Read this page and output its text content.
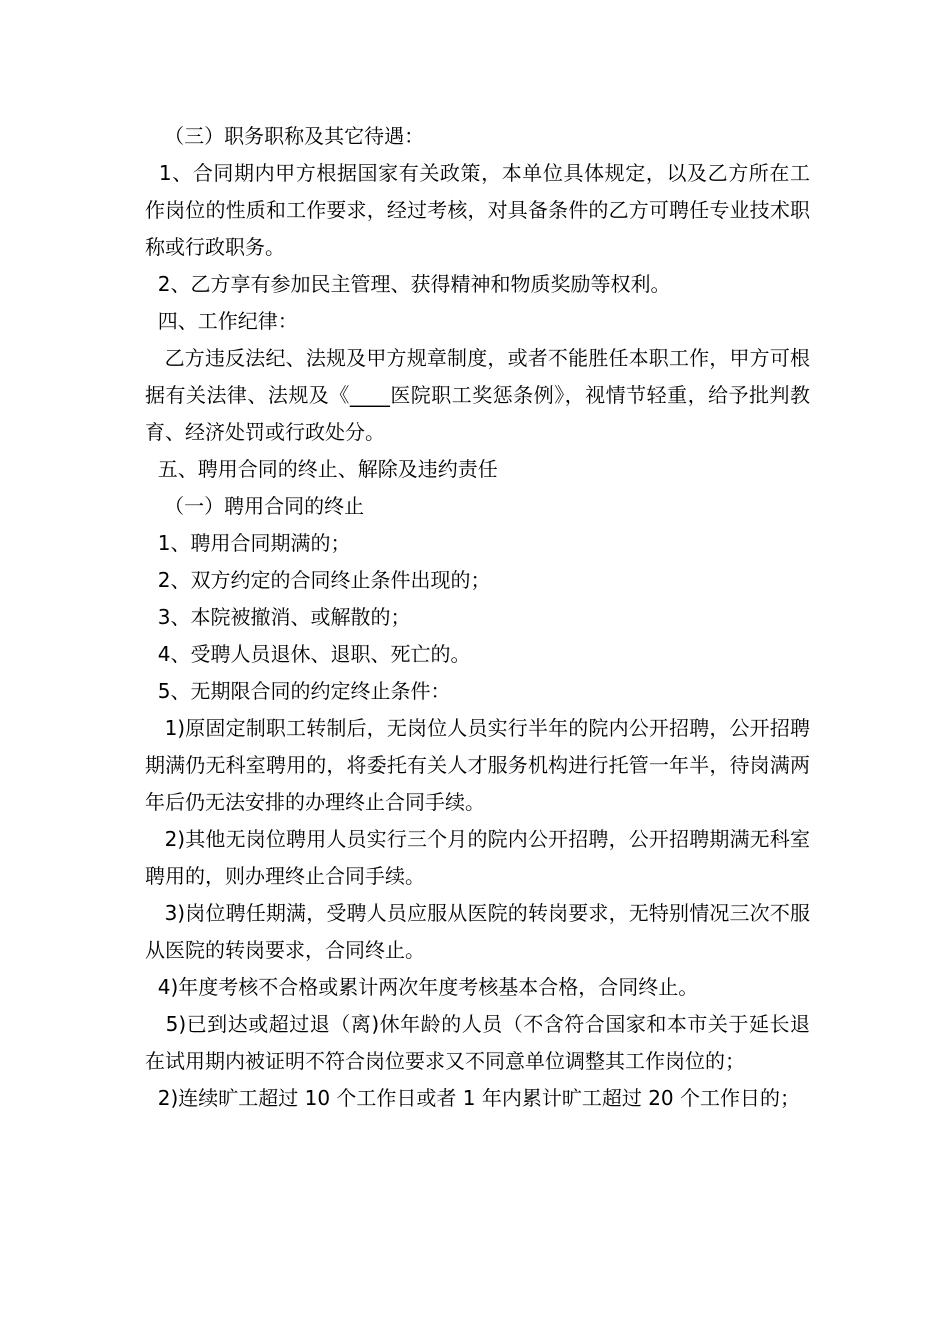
（三）职务职称及其它待遇：

1、合同期内甲方根据国家有关政策，本单位具体规定，以及乙方所在工作岗位的性质和工作要求，经过考核，对具备条件的乙方可聘任专业技术职称或行政职务。

2、乙方享有参加民主管理、获得精神和物质奖励等权利。

四、工作纪律：

乙方违反法纪、法规及甲方规章制度，或者不能胜任本职工作，甲方可根据有关法律、法规及《____医院职工奖惩条例》，视情节轻重，给予批判教育、经济处罚或行政处分。

五、聘用合同的终止、解除及违约责任

（一）聘用合同的终止

1、聘用合同期满的；

2、双方约定的合同终止条件出现的；

3、本院被撤消、或解散的；

4、受聘人员退休、退职、死亡的。

5、无期限合同的约定终止条件：

1)原固定制职工转制后，无岗位人员实行半年的院内公开招聘，公开招聘期满仍无科室聘用的，将委托有关人才服务机构进行托管一年半，待岗满两年后仍无法安排的办理终止合同手续。

2)其他无岗位聘用人员实行三个月的院内公开招聘，公开招聘期满无科室聘用的，则办理终止合同手续。

3)岗位聘任期满，受聘人员应服从医院的转岗要求，无特别情况三次不服从医院的转岗要求，合同终止。

4)年度考核不合格或累计两次年度考核基本合格，合同终止。

5)已到达或超过退（离)休年龄的人员（不含符合国家和本市关于延长退在试用期内被证明不符合岗位要求又不同意单位调整其工作岗位的；

2)连续旷工超过 10 个工作日或者 1 年内累计旷工超过 20 个工作日的；
